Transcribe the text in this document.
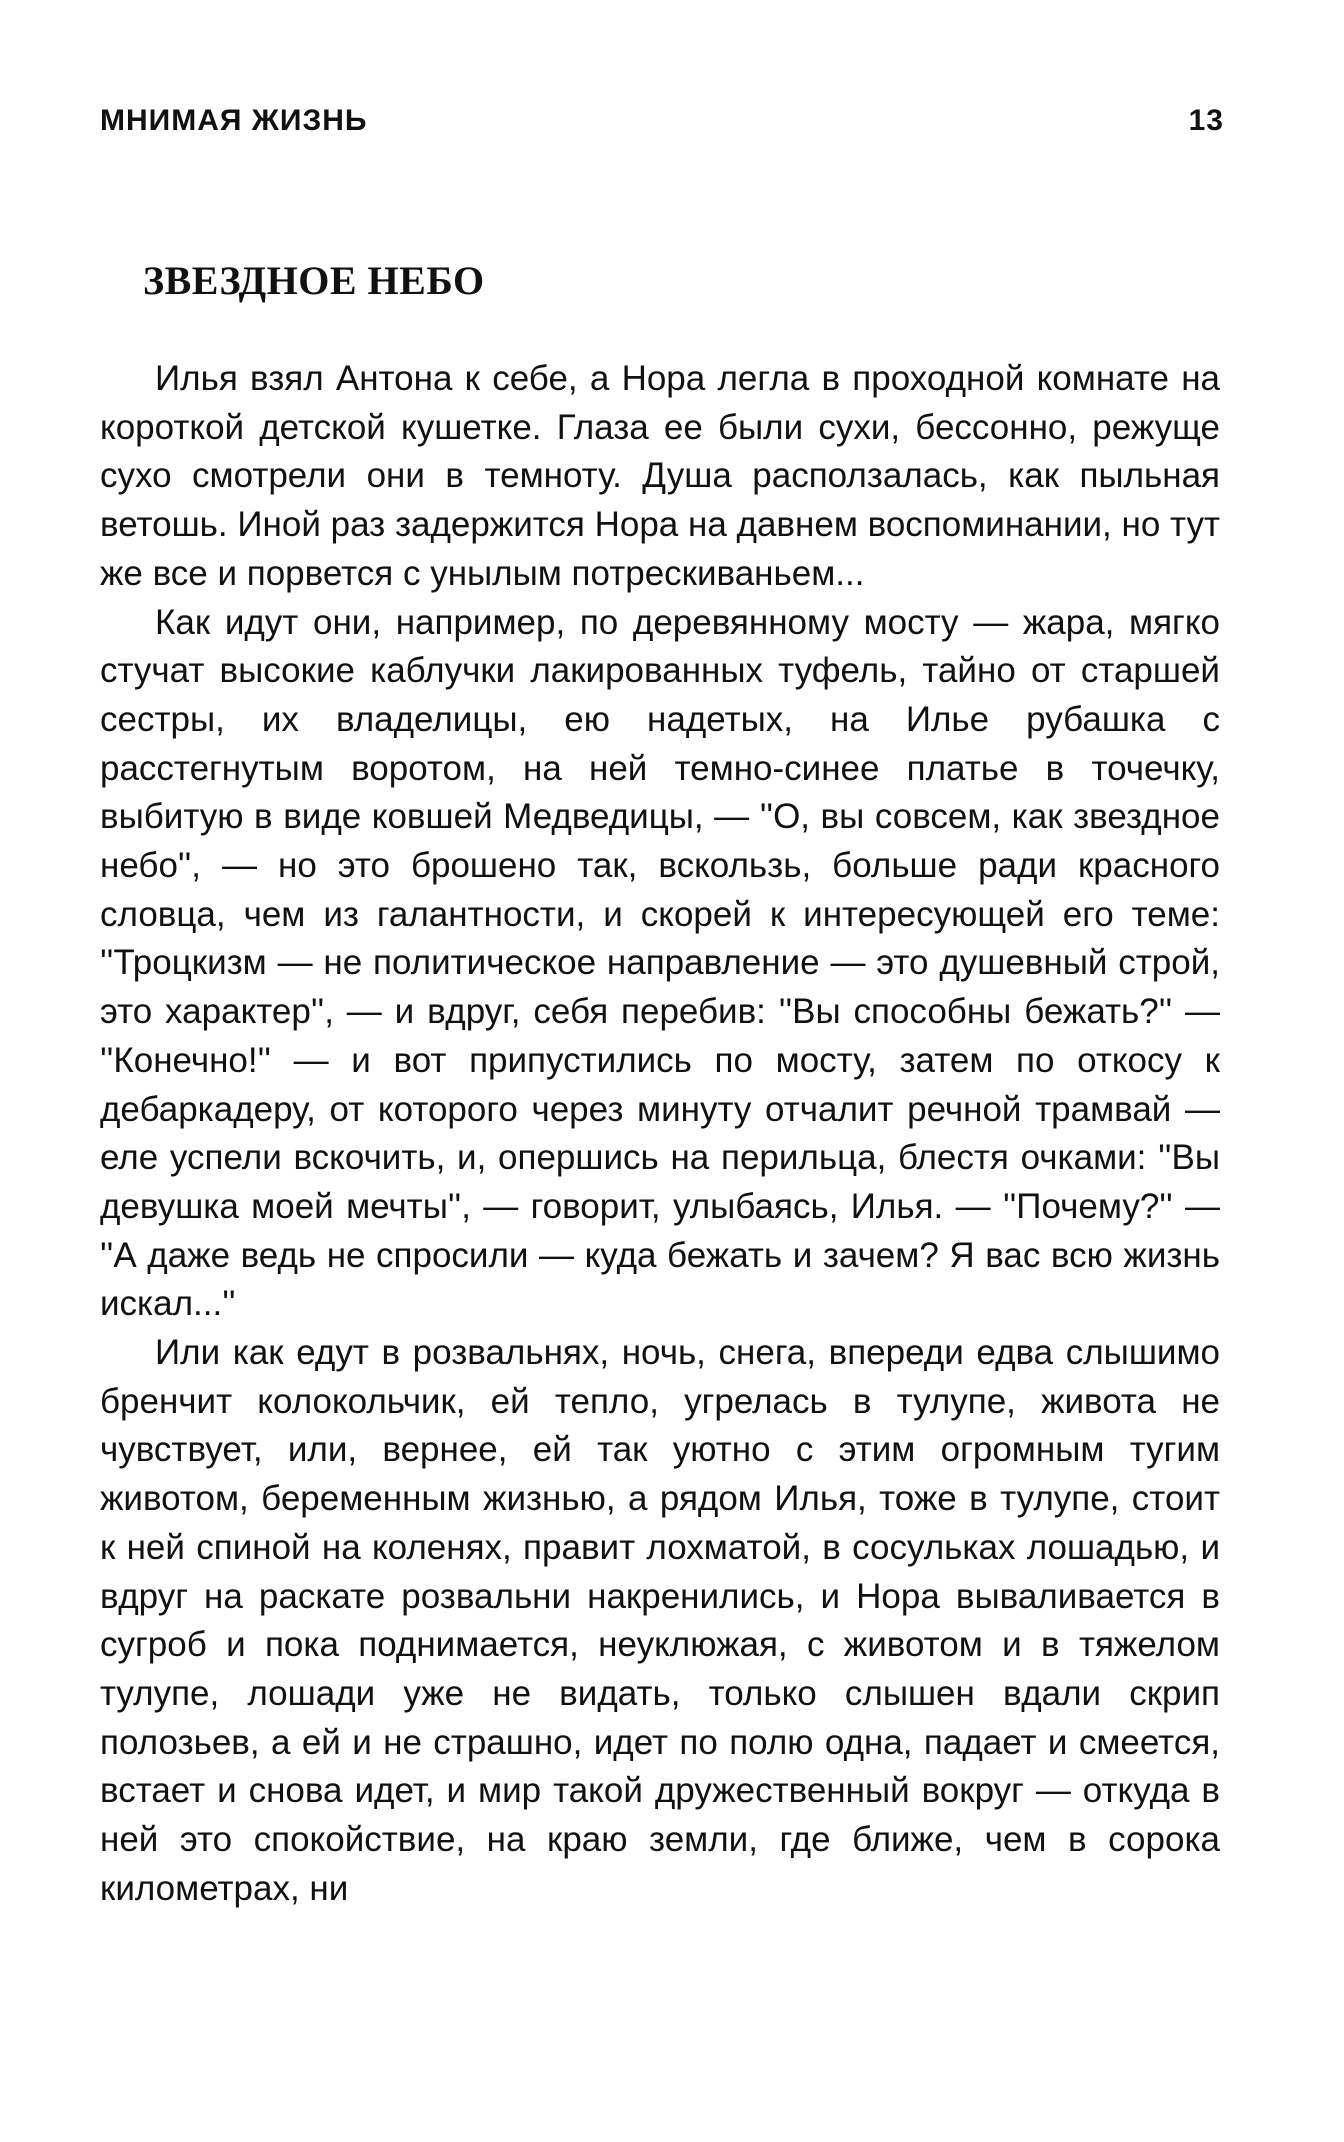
МНИМАЯ ЖИЗНЬ	13
ЗВЕЗДНОЕ НЕБО

Илья взял Антона к себе, а Нора легла в проходной комнате на короткой детской кушетке. Глаза ее были сухи, бессонно, режуще сухо смотрели они в темноту. Душа расползалась, как пыльная ветошь. Иной раз задержится Нора на давнем воспоминании, но тут же все и порвется с унылым потрескиваньем...

Как идут они, например, по деревянному мосту — жара, мягко стучат высокие каблучки лакированных туфель, тайно от старшей сестры, их владелицы, ею надетых, на Илье рубашка с расстегнутым воротом, на ней темно-синее платье в точечку, выбитую в виде ковшей Медведицы, — ''О, вы совсем, как звездное небо'', — но это брошено так, вскользь, больше ради красного словца, чем из галантности, и скорей к интересующей его теме: ''Троцкизм — не политическое направление — это душевный строй, это характер'', — и вдруг, себя перебив: ''Вы способны бежать?'' — ''Конечно!'' — и вот припустились по мосту, затем по откосу к дебаркадеру, от которого через минуту отчалит речной трамвай — еле успели вскочить, и, опершись на перильца, блестя очками: ''Вы девушка моей мечты'', — говорит, улыбаясь, Илья. — ''Почему?'' — ''А даже ведь не спросили — куда бежать и зачем? Я вас всю жизнь искал...''

Или как едут в розвальнях, ночь, снега, впереди едва слышимо бренчит колокольчик, ей тепло, угрелась в тулупе, живота не чувствует, или, вернее, ей так уютно с этим огромным тугим животом, беременным жизнью, а рядом Илья, тоже в тулупе, стоит к ней спиной на коленях, правит лохматой, в сосульках лошадью, и вдруг на раскате розвальни накренились, и Нора вываливается в сугроб и пока поднимается, неуклюжая, с животом и в тяжелом тулупе, лошади уже не видать, только слышен вдали скрип полозьев, а ей и не страшно, идет по полю одна, падает и смеется, встает и снова идет, и мир такой дружественный вокруг — откуда в ней это спокойствие, на краю земли, где ближе, чем в сорока километрах, ни
